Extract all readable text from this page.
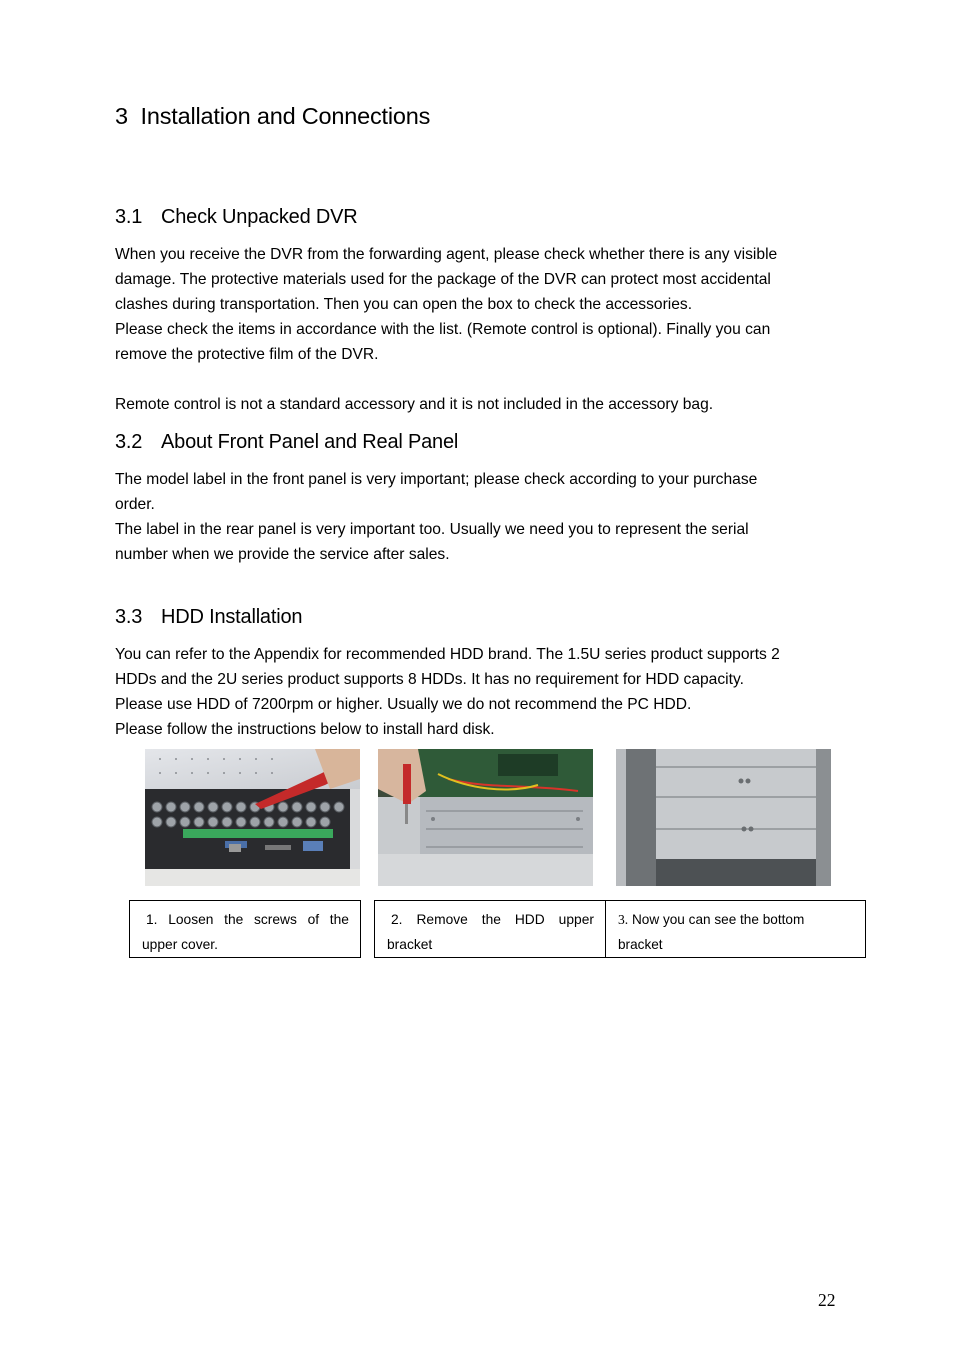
3 Installation and Connections
3.1 Check Unpacked DVR

When you receive the DVR from the forwarding agent, please check whether there is any visible

damage. The protective materials used for the package of the DVR can protect most accidental

clashes during transportation. Then you can open the box to check the accessories.

Please check the items in accordance with the list. (Remote control is optional). Finally you can

remove the protective film of the DVR.

Remote control is not a standard accessory and it is not included in the accessory bag.

3.2 About Front Panel and Real Panel

The model label in the front panel is very important; please check according to your purchase

order.

The label in the rear panel is very important too. Usually we need you to represent the serial

number when we provide the service after sales.

3.3 HDD Installation

You can refer to the Appendix for recommended HDD brand. The 1.5U series product supports 2

HDDs and the 2U series product supports 8 HDDs. It has no requirement for HDD capacity.

Please use HDD of 7200rpm or higher. Usually we do not recommend the PC HDD.

Please follow the instructions below to install hard disk.

1. Loosen the screws of the
upper cover.
2. Remove the HDD upper
bracket
3. Now you can see the bottom
bracket
22
